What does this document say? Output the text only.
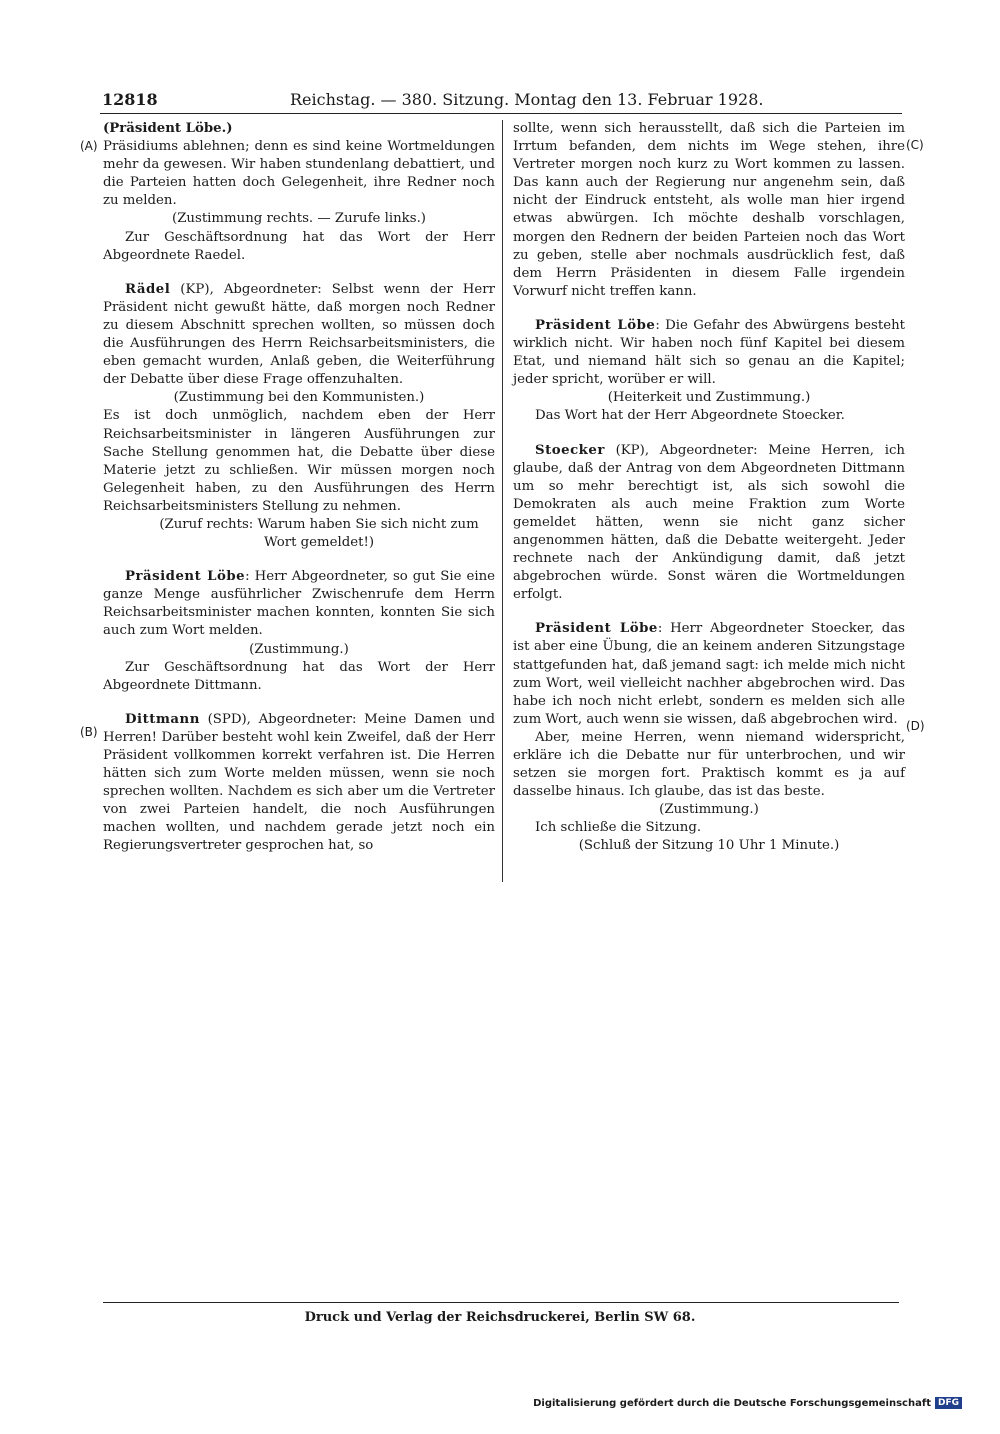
12818	Reichstag. — 380. Sitzung. Montag den 13. Februar 1928.
(A)
(B)
(C)
(D)

(Präsident Löbe.)

Präsidiums ablehnen; denn es sind keine Wortmeldungen mehr da gewesen. Wir haben stundenlang debattiert, und die Parteien hatten doch Gelegenheit, ihre Redner noch zu melden.

(Zustimmung rechts. — Zurufe links.)

Zur Geschäftsordnung hat das Wort der Herr Abgeordnete Raedel.

Rädel (KP), Abgeordneter: Selbst wenn der Herr Präsident nicht gewußt hätte, daß morgen noch Redner zu diesem Abschnitt sprechen wollten, so müssen doch die Ausführungen des Herrn Reichsarbeitsministers, die eben gemacht wurden, Anlaß geben, die Weiterführung der Debatte über diese Frage offenzuhalten.

(Zustimmung bei den Kommunisten.)

Es ist doch unmöglich, nachdem eben der Herr Reichsarbeitsminister in längeren Ausführungen zur Sache Stellung genommen hat, die Debatte über diese Materie jetzt zu schließen. Wir müssen morgen noch Gelegenheit haben, zu den Ausführungen des Herrn Reichsarbeitsministers Stellung zu nehmen.

(Zuruf rechts: Warum haben Sie sich nicht zum Wort gemeldet!)

Präsident Löbe: Herr Abgeordneter, so gut Sie eine ganze Menge ausführlicher Zwischenrufe dem Herrn Reichsarbeitsminister machen konnten, konnten Sie sich auch zum Wort melden.

(Zustimmung.)

Zur Geschäftsordnung hat das Wort der Herr Abgeordnete Dittmann.

Dittmann (SPD), Abgeordneter: Meine Damen und Herren! Darüber besteht wohl kein Zweifel, daß der Herr Präsident vollkommen korrekt verfahren ist. Die Herren hätten sich zum Worte melden müssen, wenn sie noch sprechen wollten. Nachdem es sich aber um die Vertreter von zwei Parteien handelt, die noch Ausführungen machen wollten, und nachdem gerade jetzt noch ein Regierungsvertreter gesprochen hat, so

sollte, wenn sich herausstellt, daß sich die Parteien im Irrtum befanden, dem nichts im Wege stehen, ihre Vertreter morgen noch kurz zu Wort kommen zu lassen. Das kann auch der Regierung nur angenehm sein, daß nicht der Eindruck entsteht, als wolle man hier irgend etwas abwürgen. Ich möchte deshalb vorschlagen, morgen den Rednern der beiden Parteien noch das Wort zu geben, stelle aber nochmals ausdrücklich fest, daß dem Herrn Präsidenten in diesem Falle irgendein Vorwurf nicht treffen kann.

Präsident Löbe: Die Gefahr des Abwürgens besteht wirklich nicht. Wir haben noch fünf Kapitel bei diesem Etat, und niemand hält sich so genau an die Kapitel; jeder spricht, worüber er will.

(Heiterkeit und Zustimmung.)

Das Wort hat der Herr Abgeordnete Stoecker.

Stoecker (KP), Abgeordneter: Meine Herren, ich glaube, daß der Antrag von dem Abgeordneten Dittmann um so mehr berechtigt ist, als sich sowohl die Demokraten als auch meine Fraktion zum Worte gemeldet hätten, wenn sie nicht ganz sicher angenommen hätten, daß die Debatte weitergeht. Jeder rechnete nach der Ankündigung damit, daß jetzt abgebrochen würde. Sonst wären die Wortmeldungen erfolgt.

Präsident Löbe: Herr Abgeordneter Stoecker, das ist aber eine Übung, die an keinem anderen Sitzungstage stattgefunden hat, daß jemand sagt: ich melde mich nicht zum Wort, weil vielleicht nachher abgebrochen wird. Das habe ich noch nicht erlebt, sondern es melden sich alle zum Wort, auch wenn sie wissen, daß abgebrochen wird.

Aber, meine Herren, wenn niemand widerspricht, erkläre ich die Debatte nur für unterbrochen, und wir setzen sie morgen fort. Praktisch kommt es ja auf dasselbe hinaus. Ich glaube, das ist das beste.

(Zustimmung.)

Ich schließe die Sitzung.

(Schluß der Sitzung 10 Uhr 1 Minute.)

Druck und Verlag der Reichsdruckerei, Berlin SW 68.
Digitalisierung gefördert durch die Deutsche Forschungsgemeinschaft DFG
